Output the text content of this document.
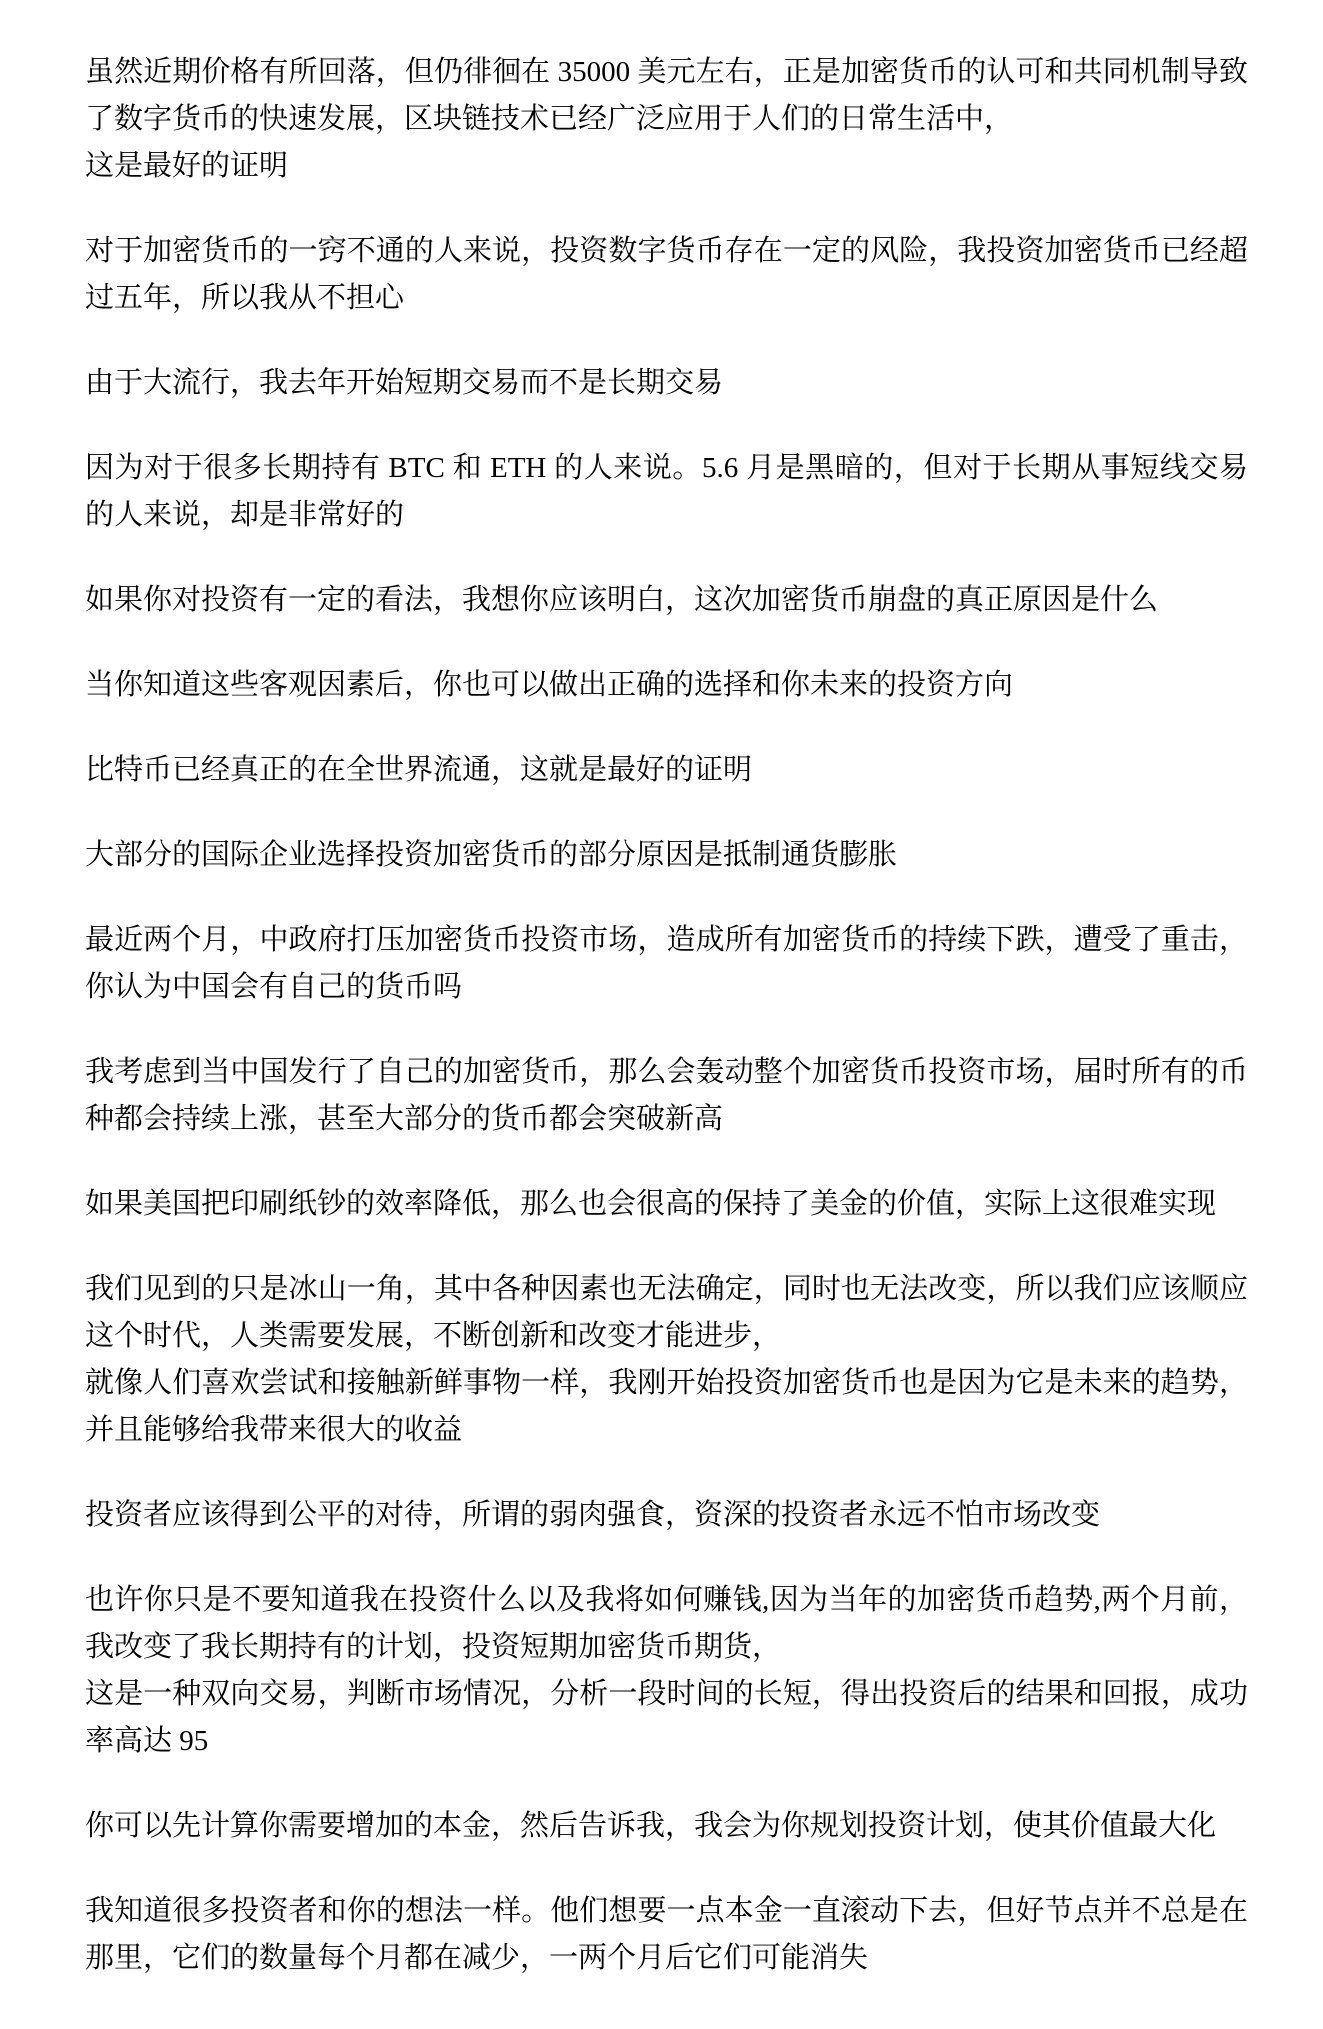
虽然近期价格有所回落，但仍徘徊在 35000 美元左右，正是加密货币的认可和共同机制导致了数字货币的快速发展，区块链技术已经广泛应用于人们的日常生活中，
这是最好的证明

对于加密货币的一窍不通的人来说，投资数字货币存在一定的风险，我投资加密货币已经超过五年，所以我从不担心

由于大流行，我去年开始短期交易而不是长期交易

因为对于很多长期持有 BTC 和 ETH 的人来说。5.6 月是黑暗的，但对于长期从事短线交易的人来说，却是非常好的

如果你对投资有一定的看法，我想你应该明白，这次加密货币崩盘的真正原因是什么

当你知道这些客观因素后，你也可以做出正确的选择和你未来的投资方向

比特币已经真正的在全世界流通，这就是最好的证明

大部分的国际企业选择投资加密货币的部分原因是抵制通货膨胀

最近两个月，中政府打压加密货币投资市场，造成所有加密货币的持续下跌，遭受了重击，你认为中国会有自己的货币吗

我考虑到当中国发行了自己的加密货币，那么会轰动整个加密货币投资市场，届时所有的币种都会持续上涨，甚至大部分的货币都会突破新高

如果美国把印刷纸钞的效率降低，那么也会很高的保持了美金的价值，实际上这很难实现

我们见到的只是冰山一角，其中各种因素也无法确定，同时也无法改变，所以我们应该顺应这个时代，人类需要发展，不断创新和改变才能进步，
就像人们喜欢尝试和接触新鲜事物一样，我刚开始投资加密货币也是因为它是未来的趋势，并且能够给我带来很大的收益

投资者应该得到公平的对待，所谓的弱肉强食，资深的投资者永远不怕市场改变

也许你只是不要知道我在投资什么以及我将如何赚钱,因为当年的加密货币趋势,两个月前，我改变了我长期持有的计划，投资短期加密货币期货，
这是一种双向交易，判断市场情况，分析一段时间的长短，得出投资后的结果和回报，成功率高达 95

你可以先计算你需要增加的本金，然后告诉我，我会为你规划投资计划，使其价值最大化

我知道很多投资者和你的想法一样。他们想要一点本金一直滚动下去，但好节点并不总是在那里，它们的数量每个月都在减少，一两个月后它们可能消失
